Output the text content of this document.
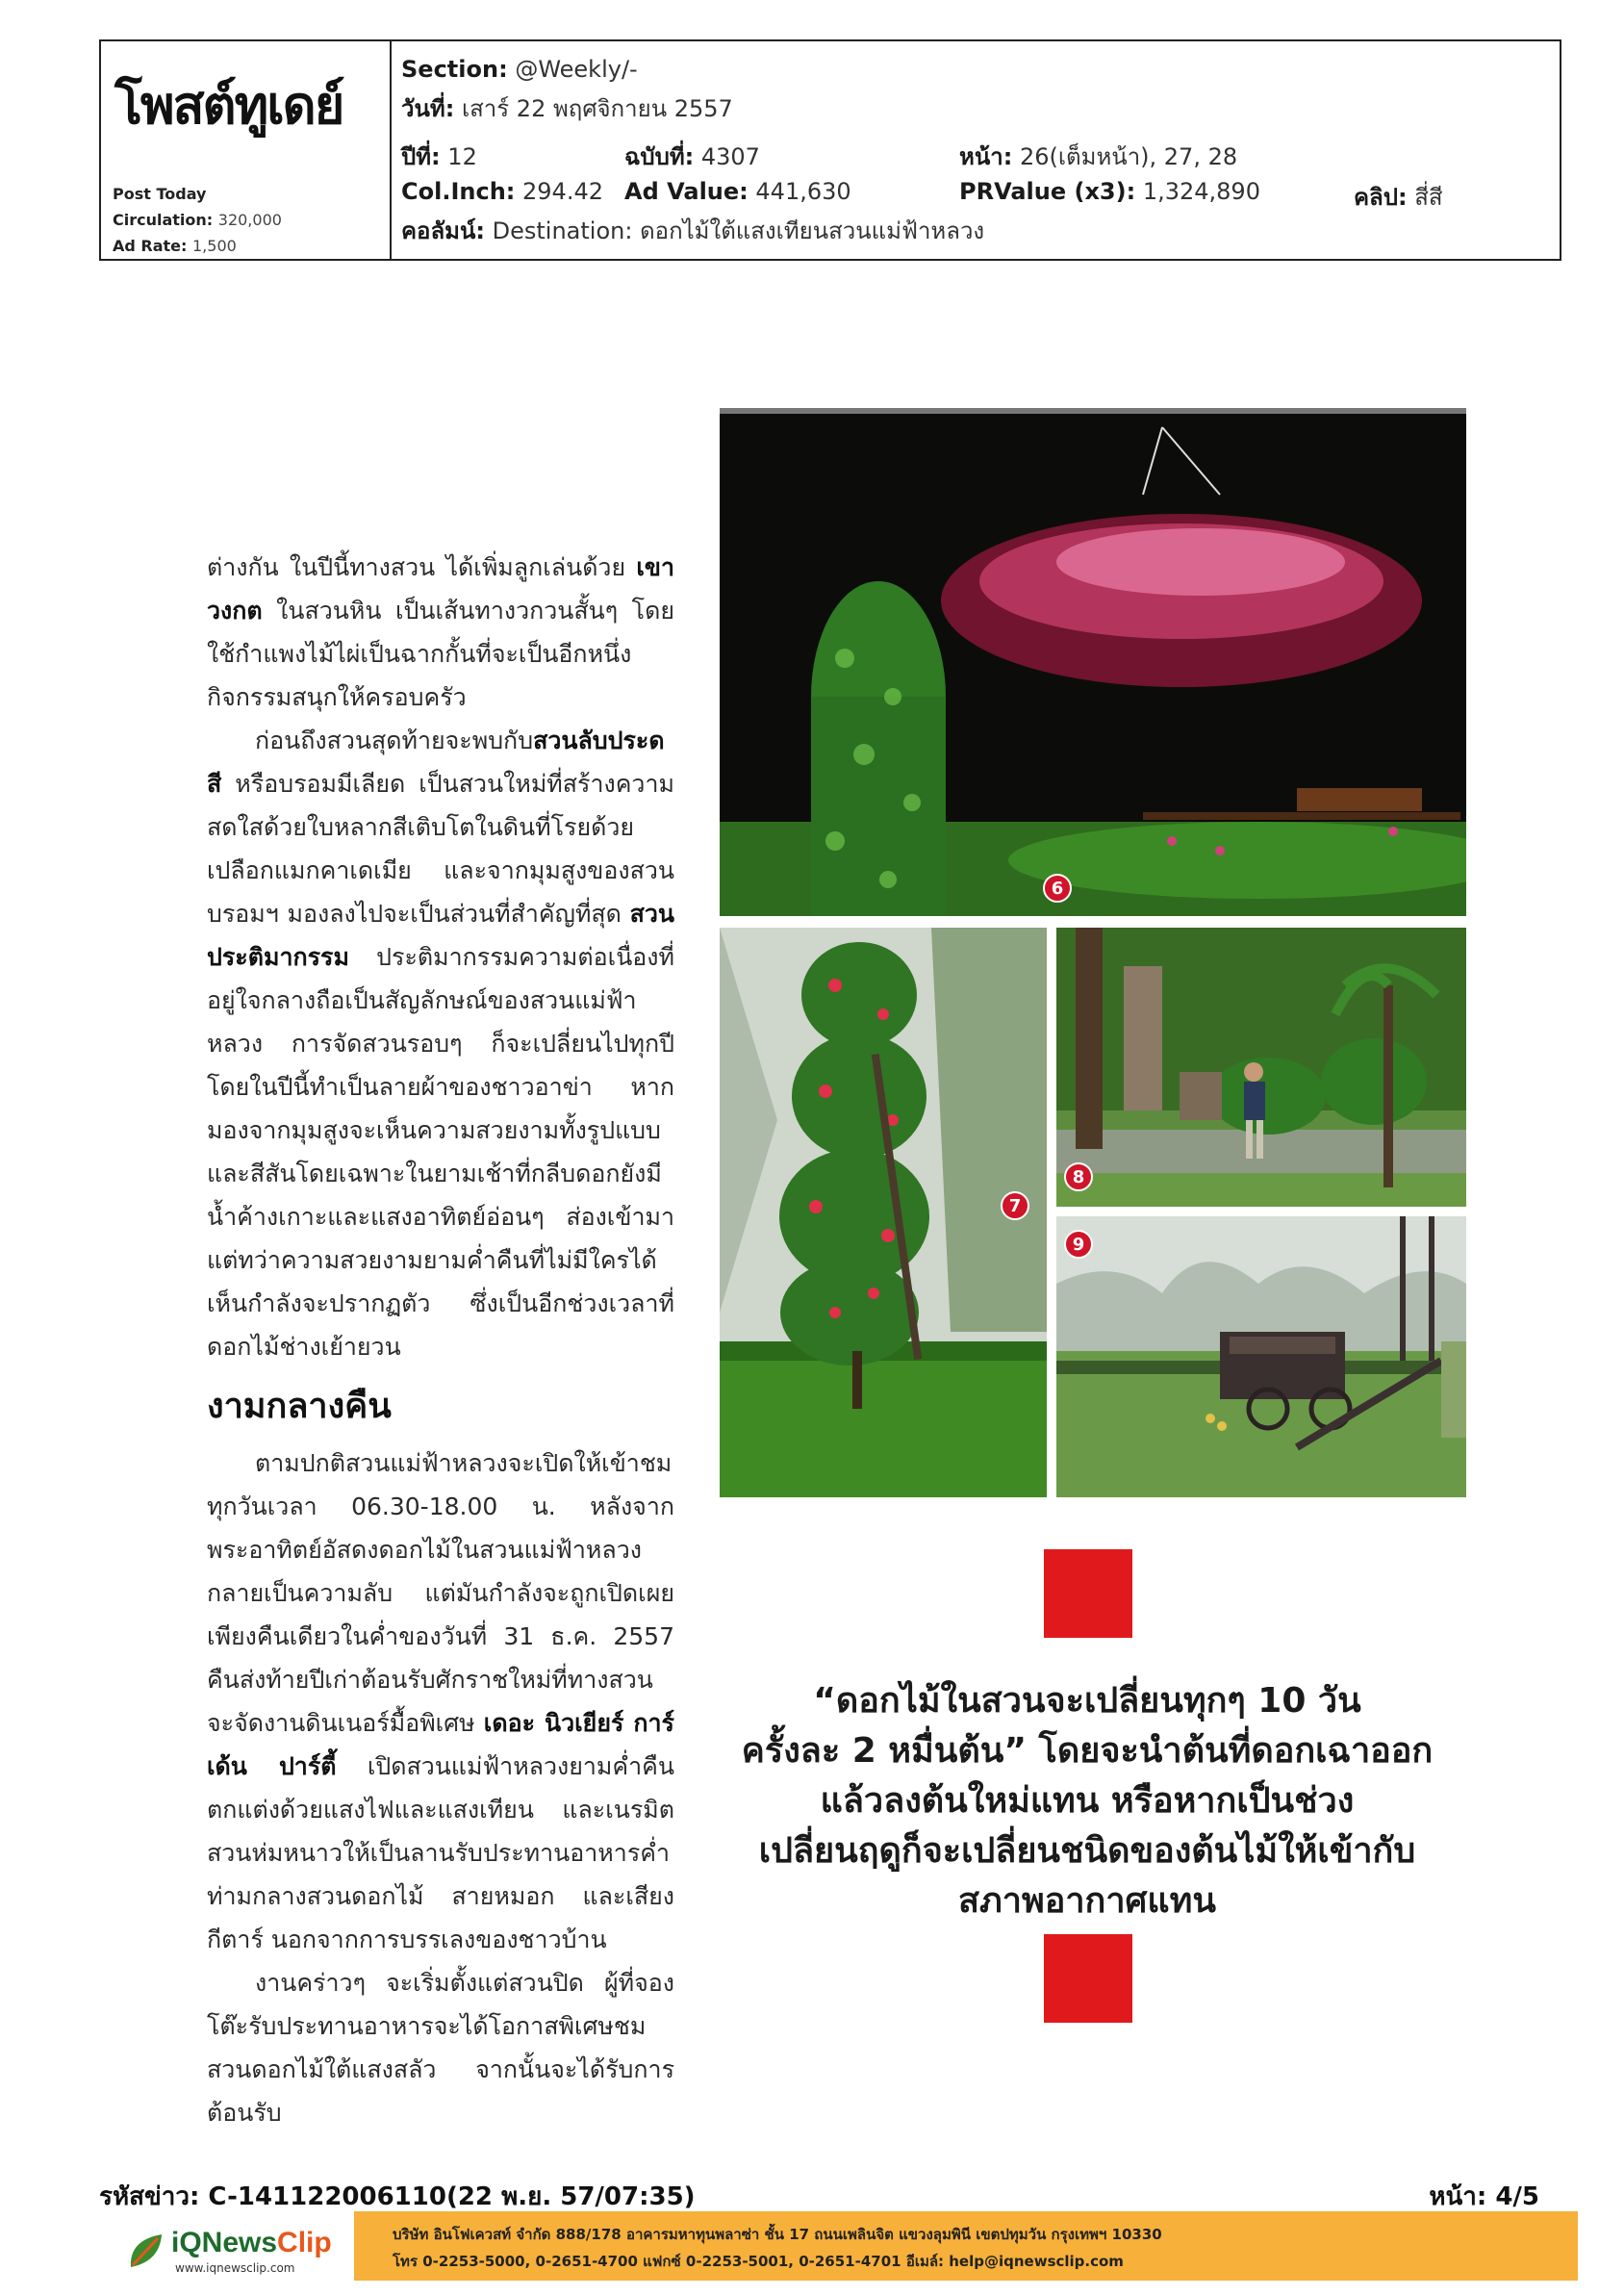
โพสต์ทูเดย์
Post Today
Circulation: 320,000
Ad Rate: 1,500
Section: @Weekly/-
วันที่: เสาร์ 22 พฤศจิกายน 2557
ปีที่: 12	ฉบับที่: 4307	หน้า: 26(เต็มหน้า), 27, 28
Col.Inch: 294.42 Ad Value: 441,630	PRValue (x3): 1,324,890	คลิป: สี่สี
คอลัมน์: Destination: ดอกไม้ใต้แสงเทียนสวนแม่ฟ้าหลวง

ต่างกัน ในปีนี้ทางสวน ได้เพิ่มลูกเล่นด้วย เขาวงกต ในสวนหิน เป็นเส้นทางวกวนสั้นๆ โดยใช้กำแพงไม้ไผ่เป็นฉากกั้นที่จะเป็นอีกหนึ่งกิจกรรมสนุกให้ครอบครัว

ก่อนถึงสวนสุดท้ายจะพบกับสวนลับประดสี หรือบรอมมีเลียด เป็นสวนใหม่ที่สร้างความสดใสด้วยใบหลากสีเติบโตในดินที่โรยด้วยเปลือกแมกคาเดเมีย และจากมุมสูงของสวนบรอมฯ มองลงไปจะเป็นส่วนที่สำคัญที่สุด สวนประติมากรรม ประติมากรรมความต่อเนื่องที่อยู่ใจกลางถือเป็นสัญลักษณ์ของสวนแม่ฟ้าหลวง การจัดสวนรอบๆ ก็จะเปลี่ยนไปทุกปีโดยในปีนี้ทำเป็นลายผ้าของชาวอาข่า หากมองจากมุมสูงจะเห็นความสวยงามทั้งรูปแบบและสีสันโดยเฉพาะในยามเช้าที่กลีบดอกยังมีน้ำค้างเกาะและแสงอาทิตย์อ่อนๆ ส่องเข้ามา แต่ทว่าความสวยงามยามค่ำคืนที่ไม่มีใครได้เห็นกำลังจะปรากฏตัว ซึ่งเป็นอีกช่วงเวลาที่ดอกไม้ช่างเย้ายวน

งามกลางคืน

ตามปกติสวนแม่ฟ้าหลวงจะเปิดให้เข้าชมทุกวันเวลา 06.30-18.00 น. หลังจากพระอาทิตย์อัสดงดอกไม้ในสวนแม่ฟ้าหลวงกลายเป็นความลับ แต่มันกำลังจะถูกเปิดเผยเพียงคืนเดียวในค่ำของวันที่ 31 ธ.ค. 2557 คืนส่งท้ายปีเก่าต้อนรับศักราชใหม่ที่ทางสวน จะจัดงานดินเนอร์มื้อพิเศษ เดอะ นิวเยียร์ การ์เด้น ปาร์ตี้ เปิดสวนแม่ฟ้าหลวงยามค่ำคืนตกแต่งด้วยแสงไฟและแสงเทียน และเนรมิตสวนห่มหนาวให้เป็นลานรับประทานอาหารค่ำท่ามกลางสวนดอกไม้ สายหมอก และเสียงกีตาร์ นอกจากการบรรเลงของชาวบ้าน

งานคร่าวๆ จะเริ่มตั้งแต่สวนปิด ผู้ที่จองโต๊ะรับประทานอาหารจะได้โอกาสพิเศษชมสวนดอกไม้ใต้แสงสลัว จากนั้นจะได้รับการต้อนรับ

6
7
8
9
“ดอกไม้ในสวนจะเปลี่ยนทุกๆ 10 วัน
ครั้งละ 2 หมื่นต้น” โดยจะนำต้นที่ดอกเฉาออก
แล้วลงต้นใหม่แทน หรือหากเป็นช่วง
เปลี่ยนฤดูก็จะเปลี่ยนชนิดของต้นไม้ให้เข้ากับ
สภาพอากาศแทน
รหัสข่าว: C-141122006110(22 พ.ย. 57/07:35)	หน้า: 4/5
iQNewsClip
www.iqnewsclip.com
บริษัท อินโฟเควสท์ จำกัด 888/178 อาคารมหาทุนพลาซ่า ชั้น 17 ถนนเพลินจิต แขวงลุมพินี เขตปทุมวัน กรุงเทพฯ 10330
โทร 0-2253-5000, 0-2651-4700 แฟกซ์ 0-2253-5001, 0-2651-4701 อีเมล์: help@iqnewsclip.com
